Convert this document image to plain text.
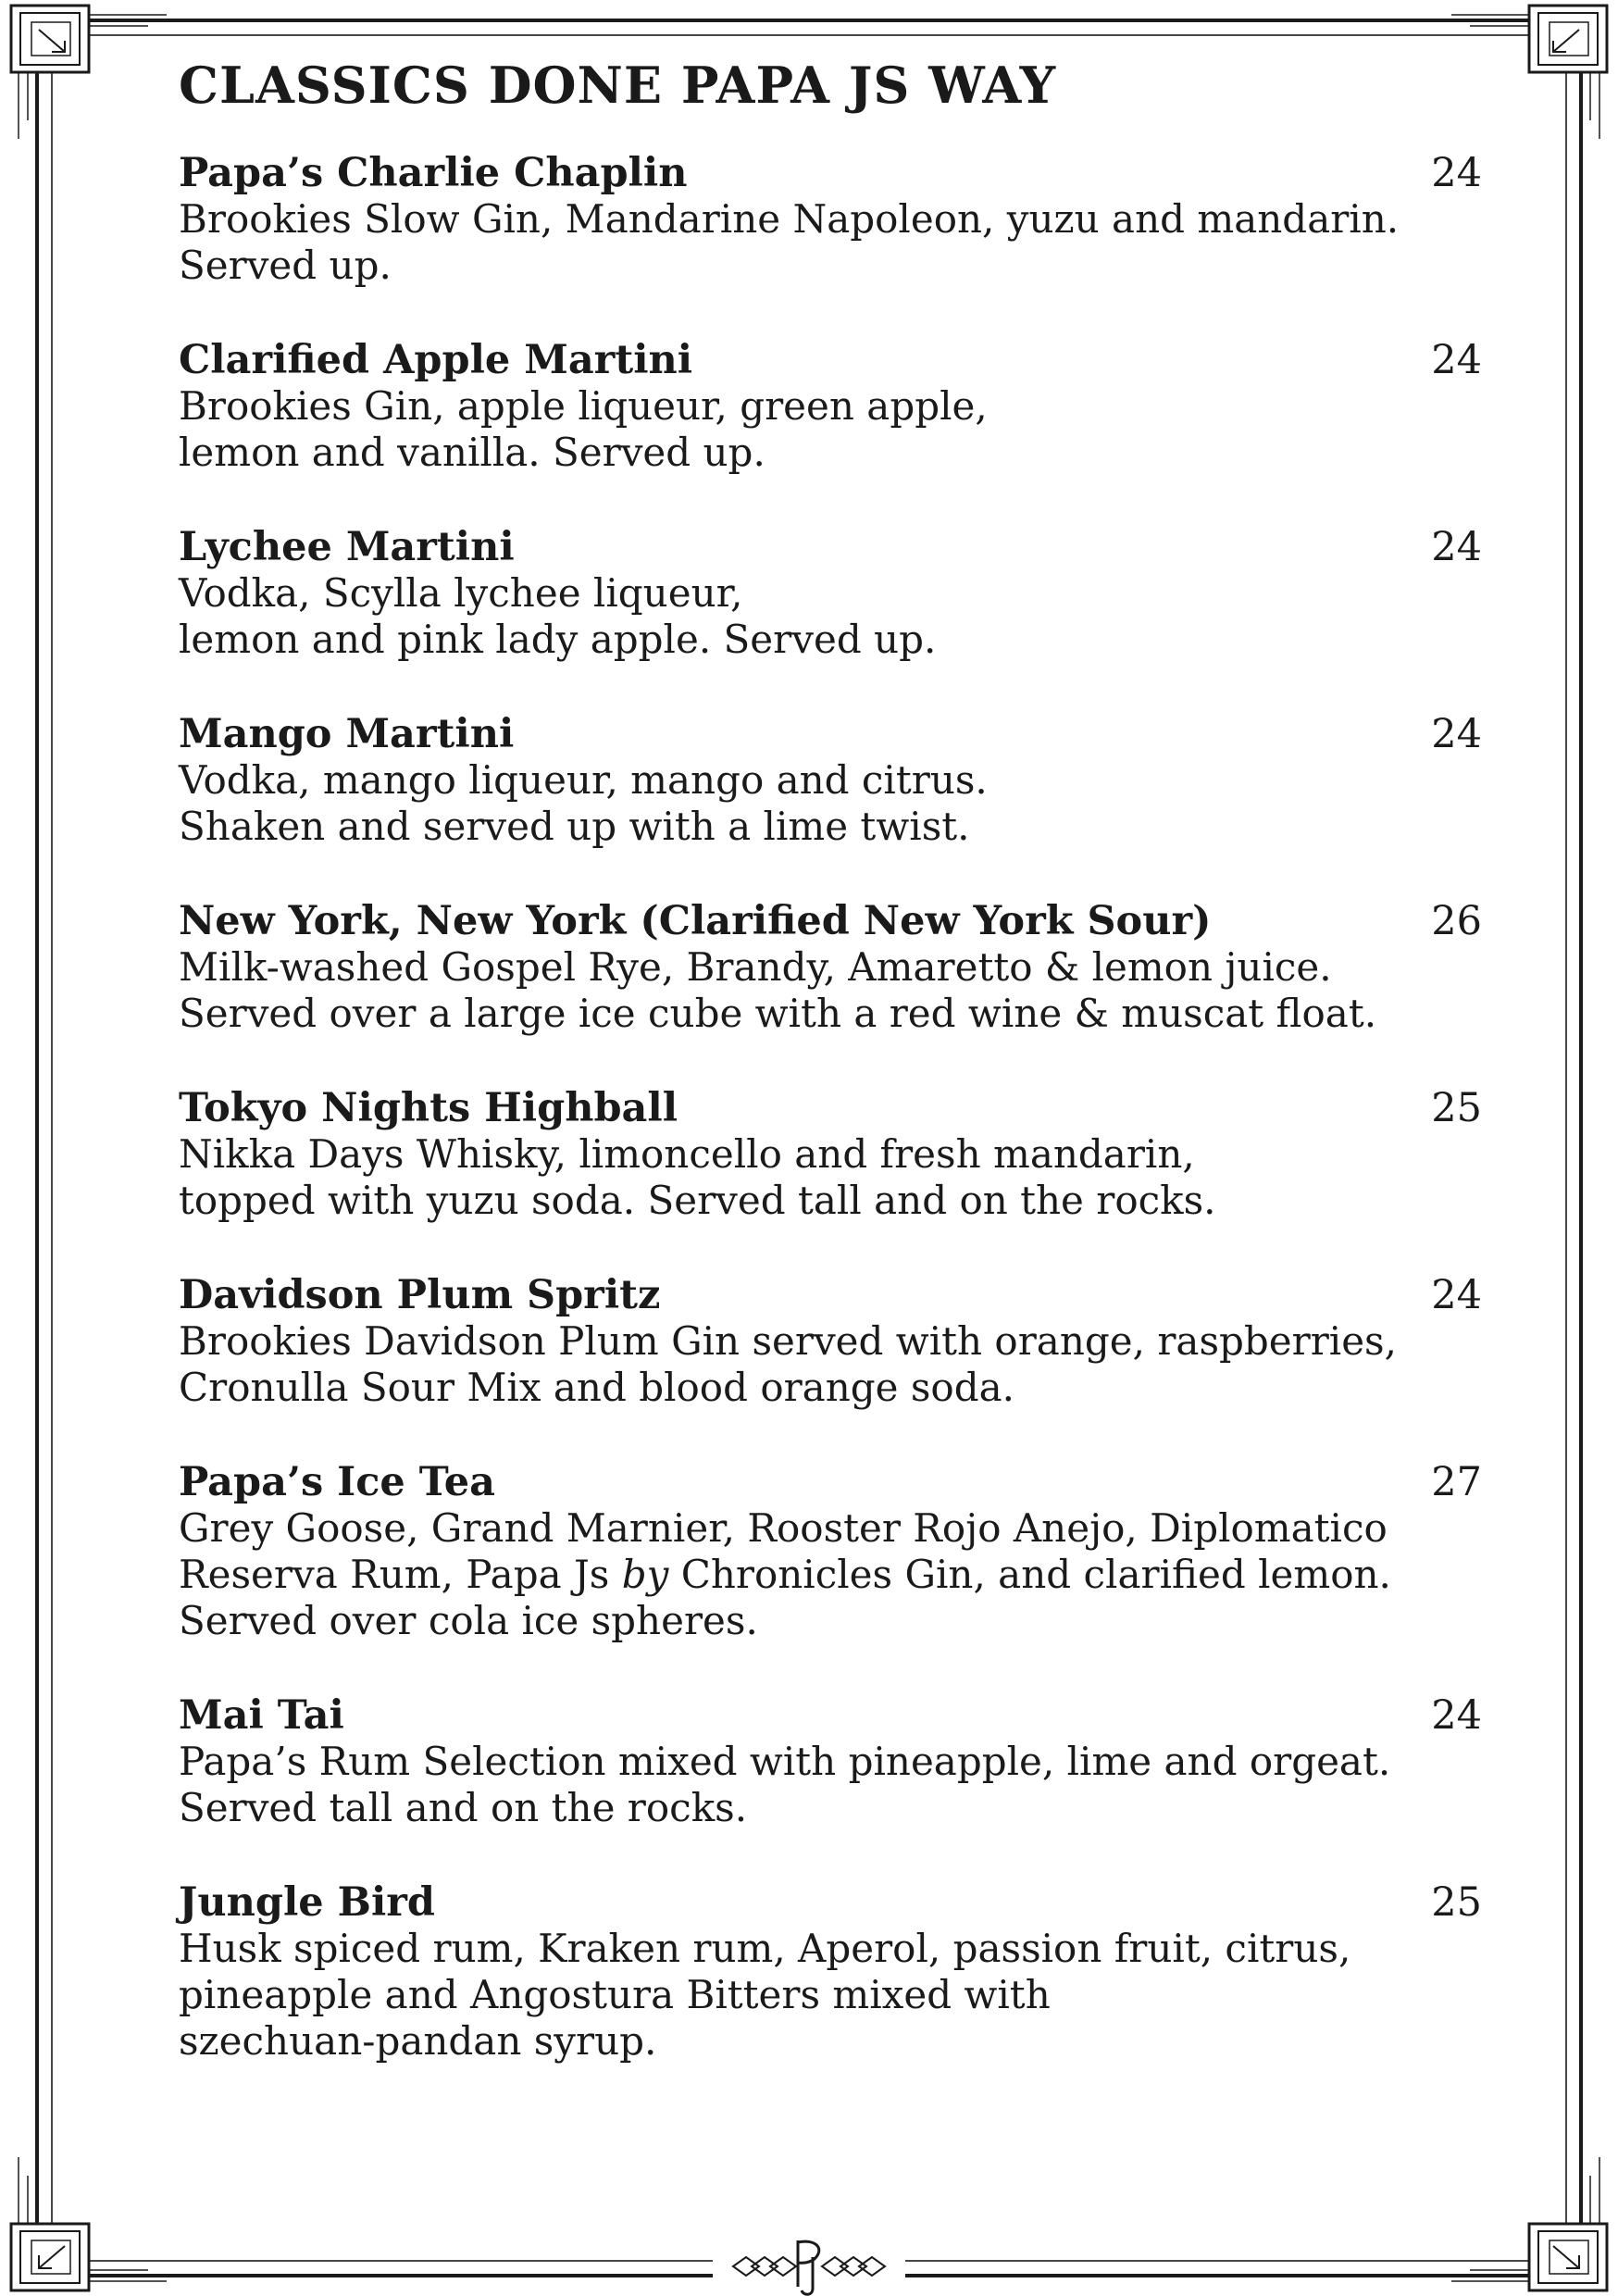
CLASSICS DONE PAPA JS WAY
Papa’s Charlie Chaplin	24
Brookies Slow Gin, Mandarine Napoleon, yuzu and mandarin.
Served up.
Clarified Apple Martini	24
Brookies Gin, apple liqueur, green apple,
lemon and vanilla. Served up.
Lychee Martini	24
Vodka, Scylla lychee liqueur,
lemon and pink lady apple. Served up.
Mango Martini	24
Vodka, mango liqueur, mango and citrus.
Shaken and served up with a lime twist.
New York, New York (Clarified New York Sour)	26
Milk-washed Gospel Rye, Brandy, Amaretto & lemon juice.
Served over a large ice cube with a red wine & muscat float.
Tokyo Nights Highball	25
Nikka Days Whisky, limoncello and fresh mandarin,
topped with yuzu soda. Served tall and on the rocks.
Davidson Plum Spritz	24
Brookies Davidson Plum Gin served with orange, raspberries,
Cronulla Sour Mix and blood orange soda.
Papa’s Ice Tea	27
Grey Goose, Grand Marnier, Rooster Rojo Anejo, Diplomatico
Reserva Rum, Papa Js by Chronicles Gin, and clarified lemon.
Served over cola ice spheres.
Mai Tai	24
Papa’s Rum Selection mixed with pineapple, lime and orgeat.
Served tall and on the rocks.
Jungle Bird	25
Husk spiced rum, Kraken rum, Aperol, passion fruit, citrus,
pineapple and Angostura Bitters mixed with
szechuan-pandan syrup.
